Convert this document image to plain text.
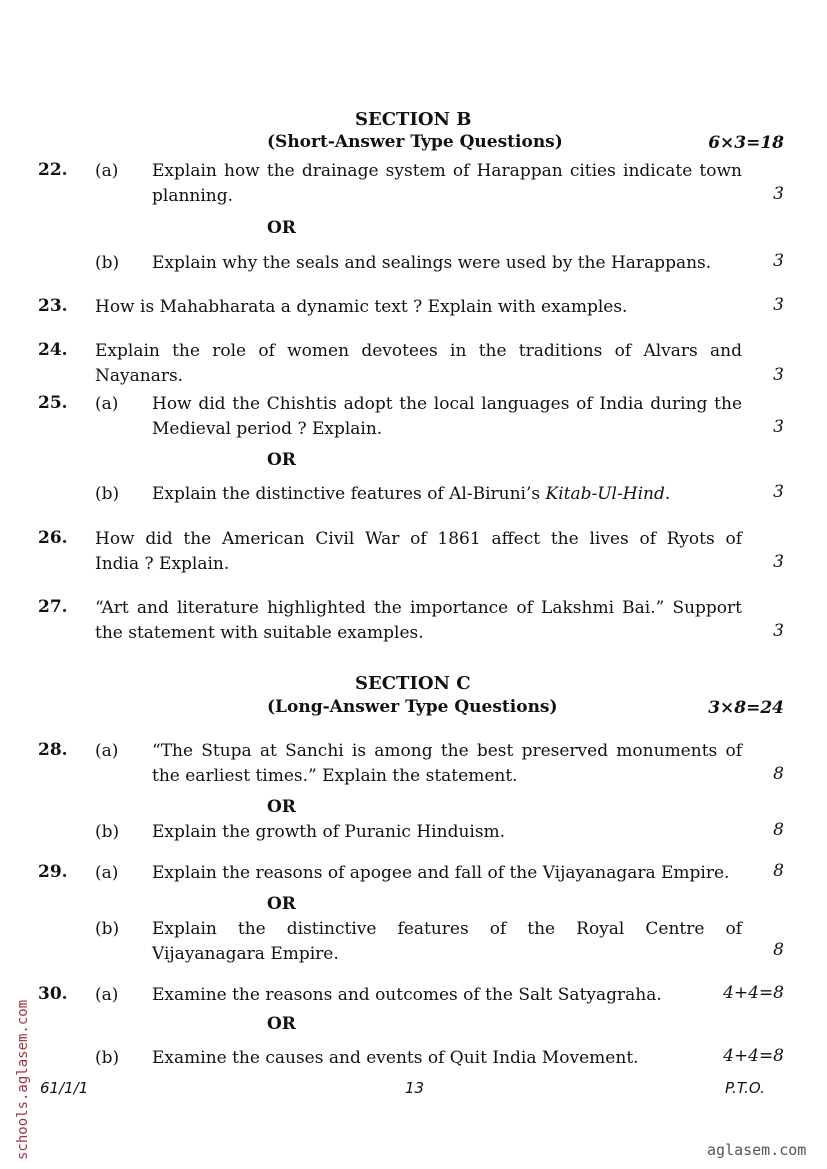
SECTION B
(Short-Answer Type Questions)	6×3=18
22. (a) Explain how the drainage system of Harappan cities indicate town
planning.	3
OR
(b) Explain why the seals and sealings were used by the Harappans.	3
23. How is Mahabharata a dynamic text ? Explain with examples.	3
24. Explain the role of women devotees in the traditions of Alvars and
Nayanars.	3
25. (a) How did the Chishtis adopt the local languages of India during the
Medieval period ? Explain.	3
OR
(b) Explain the distinctive features of Al-Biruni’s Kitab-Ul-Hind.	3
26. How did the American Civil War of 1861 affect the lives of Ryots of
India ? Explain.	3
27. “Art and literature highlighted the importance of Lakshmi Bai.” Support
the statement with suitable examples.	3
SECTION C
(Long-Answer Type Questions)	3×8=24
28. (a) “The Stupa at Sanchi is among the best preserved monuments of
the earliest times.” Explain the statement.	8
OR
(b) Explain the growth of Puranic Hinduism.	8
29. (a) Explain the reasons of apogee and fall of the Vijayanagara Empire.	8
OR
(b) Explain the distinctive features of the Royal Centre of
Vijayanagara Empire.	8
30. (a) Examine the reasons and outcomes of the Salt Satyagraha.	4+4=8
OR
(b) Examine the causes and events of Quit India Movement.	4+4=8
61/1/1	13	P.T.O.
schools.aglasem.com	aglasem.com
